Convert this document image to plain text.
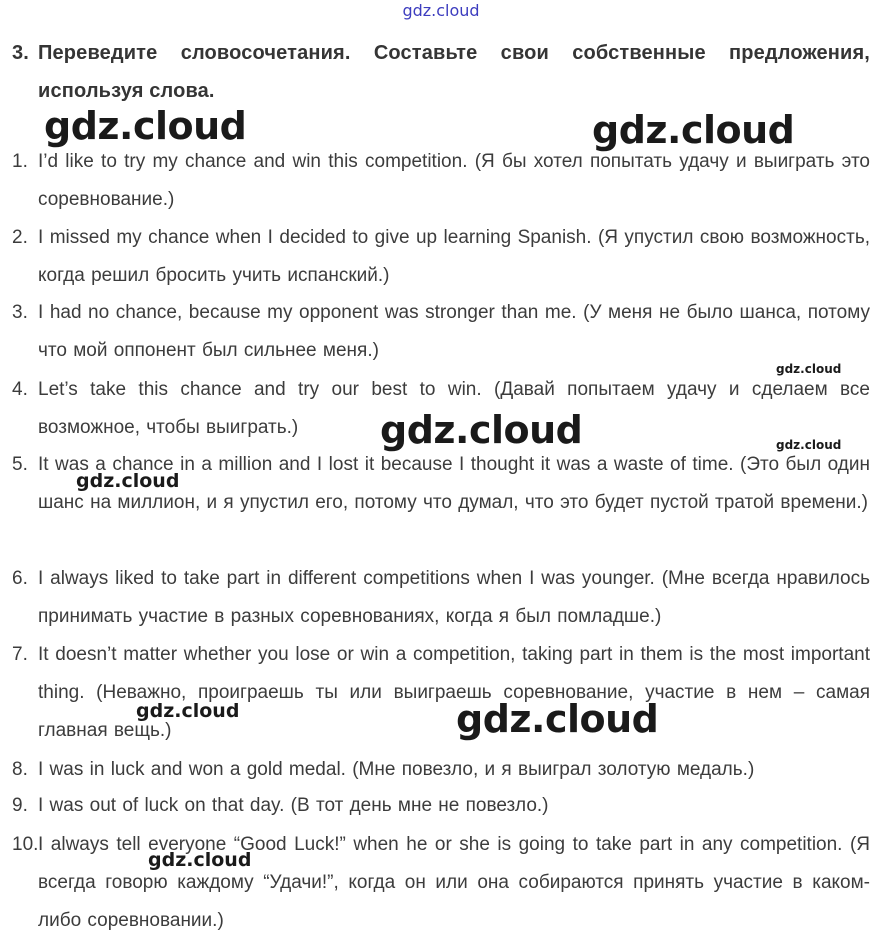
gdz.cloud
3. Переведите словосочетания. Составьте свои собственные предложения, используя слова.
1. I’d like to try my chance and win this competition. (Я бы хотел попытать удачу и выиграть это соревнование.)
2. I missed my chance when I decided to give up learning Spanish. (Я упустил свою возможность, когда решил бросить учить испанский.)
3. I had no chance, because my opponent was stronger than me. (У меня не было шанса, потому что мой оппонент был сильнее меня.)
4. Let’s take this chance and try our best to win. (Давай попытаем удачу и сделаем все возможное, чтобы выиграть.)
5. It was a chance in a million and I lost it because I thought it was a waste of time. (Это был один шанс на миллион, и я упустил его, потому что думал, что это будет пустой тратой времени.)
6. I always liked to take part in different competitions when I was younger. (Мне всегда нравилось принимать участие в разных соревнованиях, когда я был помладше.)
7. It doesn’t matter whether you lose or win a competition, taking part in them is the most important thing. (Неважно, проиграешь ты или выиграешь соревнование, участие в нем – самая главная вещь.)
8. I was in luck and won a gold medal. (Мне повезло, и я выиграл золотую медаль.)
9. I was out of luck on that day. (В тот день мне не повезло.)
10. I always tell everyone “Good Luck!” when he or she is going to take part in any competition. (Я всегда говорю каждому “Удачи!”, когда он или она собираются принять участие в каком-либо соревновании.)
gdz.cloud	gdz.cloud
gdz.cloud
gdz.cloud	gdz.cloud
gdz.cloud
gdz.cloud	gdz.cloud
gdz.cloud
